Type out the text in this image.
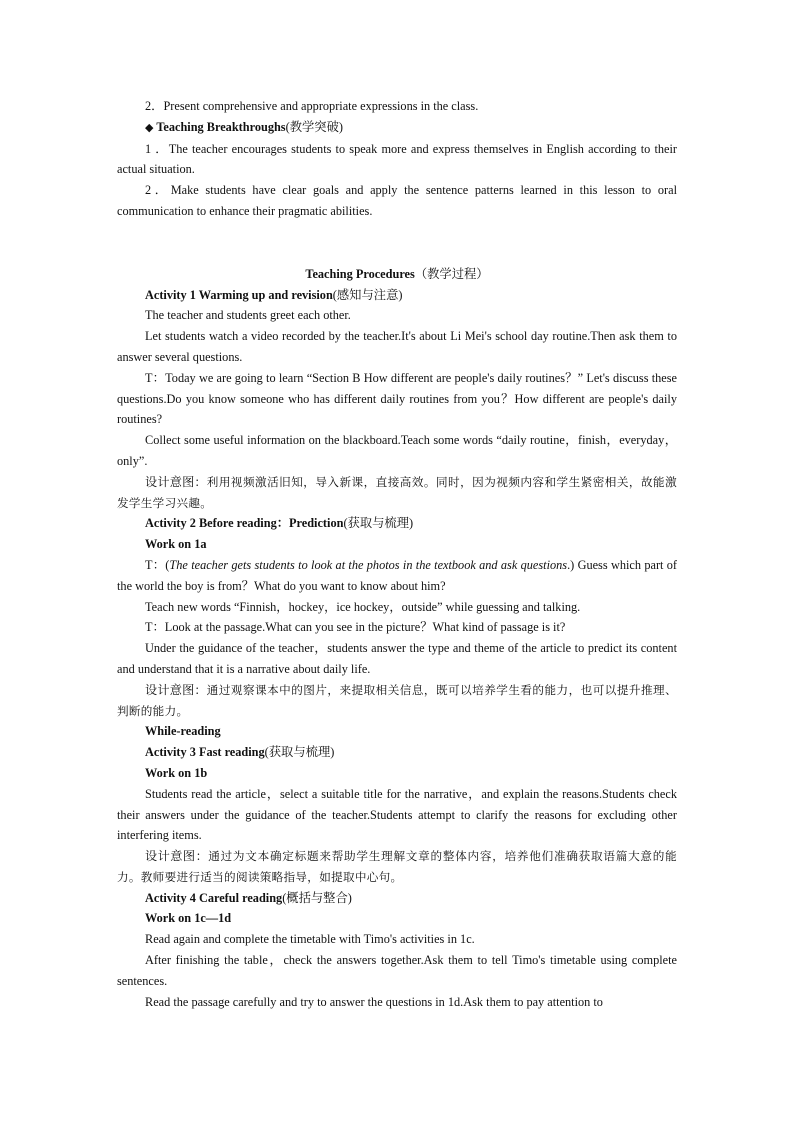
2．Present comprehensive and appropriate expressions in the class.

◆ Teaching Breakthroughs(教学突破)

1 ．The teacher encourages students to speak more and express themselves in English according to their actual situation.

2．Make students have clear goals and apply the sentence patterns learned in this lesson to oral communication to enhance their pragmatic abilities.

Teaching Procedures（教学过程）

Activity 1 Warming up and revision(感知与注意)

The teacher and students greet each other.

Let students watch a video recorded by the teacher.It's about Li Mei's school day routine.Then ask them to answer several questions.

T：Today we are going to learn “Section B How different are people's daily routines？” Let's discuss these questions.Do you know someone who has different daily routines from you？How different are people's daily routines?

Collect some useful information on the blackboard.Teach some words “daily routine，finish，everyday，only”.

设计意图：利用视频激活旧知，导入新课，直接高效。同时，因为视频内容和学生紧密相关，故能激发学生学习兴趣。

Activity 2 Before reading：Prediction(获取与梳理)

Work on 1a

T：(The teacher gets students to look at the photos in the textbook and ask questions.) Guess which part of the world the boy is from？What do you want to know about him?

Teach new words “Finnish，hockey，ice hockey，outside” while guessing and talking.

T：Look at the passage.What can you see in the picture？What kind of passage is it?

Under the guidance of the teacher，students answer the type and theme of the article to predict its content and understand that it is a narrative about daily life.

设计意图：通过观察课本中的图片，来提取相关信息，既可以培养学生看的能力，也可以提升推理、判断的能力。

While-reading

Activity 3 Fast reading(获取与梳理)

Work on 1b

Students read the article，select a suitable title for the narrative，and explain the reasons.Students check their answers under the guidance of the teacher.Students attempt to clarify the reasons for excluding other interfering items.

设计意图：通过为文本确定标题来帮助学生理解文章的整体内容，培养他们准确获取语篇大意的能力。教师要进行适当的阅读策略指导，如提取中心句。

Activity 4 Careful reading(概括与整合)

Work on 1c—1d

Read again and complete the timetable with Timo's activities in 1c.

After finishing the table，check the answers together.Ask them to tell Timo's timetable using complete sentences.

Read the passage carefully and try to answer the questions in 1d.Ask them to pay attention to
